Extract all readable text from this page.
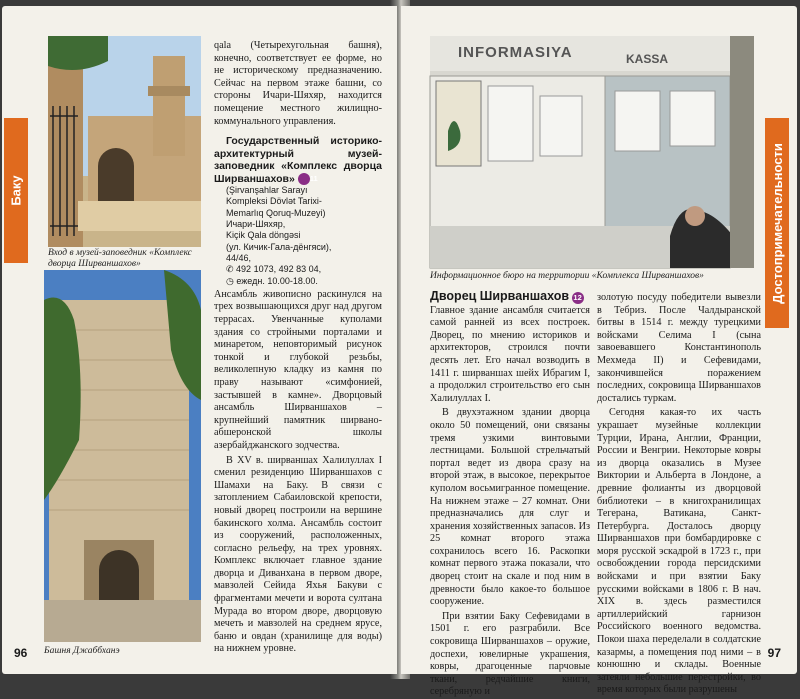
Баку
Вход в музей-заповедник «Комплекс дворца Ширваншахов»
Башня Джаббханэ
96

qala (Четырехугольная башня), конечно, соответствует ее форме, но не историческому предназначению. Сейчас на первом этаже башни, со стороны Ичари-Шяхяр, находится помещение местного жилищно-коммунального управления.

Государственный историко-архитектурный музей-заповедник «Комплекс дворца Ширваншахов» 11

(Şirvanşahlar Sarayı

Kompleksi Dövlət Tarixi-

Memarlıq Qoruq-Muzeyi)

Ичари-Шяхяр,

Kiçik Qala döngəsi

(ул. Кичик-Гала-дёнгяси),

44/46,

✆ 492 1073, 492 83 04,

◷ ежедн. 10.00-18.00.

Ансамбль живописно раскинулся на трех возвышающихся друг над другом террасах. Увенчанные куполами здания со стройными порталами и минаретом, неповторимый рисунок тонкой и глубокой резьбы, великолепную кладку из камня по праву называют «симфонией, застывшей в камне». Дворцовый ансамбль Ширваншахов – крупнейший памятник ширвано-абшеронской школы азербайджанского зодчества.

В XV в. ширваншах Халилуллах I сменил резиденцию Ширваншахов с Шамахи на Баку. В связи с затоплением Сабаиловской крепости, новый дворец построили на вершине бакинского холма. Ансамбль состоит из сооружений, расположенных, согласно рельефу, на трех уровнях. Комплекс включает главное здание дворца и Диванхана в первом дворе, мавзолей Сейида Яхья Бакуви с фрагментами мечети и ворота султана Мурада во втором дворе, дворцовую мечеть и мавзолей на среднем ярусе, баню и овдан (хранилище для воды) на нижнем уровне.

Достопримечательности
INFORMASIYA	KASSA
Информационное бюро на территории «Комплекса Ширваншахов»

Дворец Ширваншахов 12

Главное здание ансамбля считается самой ранней из всех построек. Дворец, по мнению историков и архитекторов, строился почти десять лет. Его начал возводить в 1411 г. ширваншах шейх Ибрагим I, а продолжил строительство его сын Халилуллах I.

В двухэтажном здании дворца около 50 помещений, они связаны тремя узкими винтовыми лестницами. Большой стрельчатый портал ведет из двора сразу на второй этаж, в высокое, перекрытое куполом восьмигранное помещение. На нижнем этаже – 27 комнат. Они предназначались для слуг и хранения хозяйственных запасов. Из 25 комнат второго этажа сохранилось всего 16. Раскопки комнат первого этажа показали, что дворец стоит на скале и под ним в древности было какое-то большое сооружение.

При взятии Баку Сефевидами в 1501 г. его разграбили. Все сокровища Ширваншахов – оружие, доспехи, ювелирные украшения, ковры, драгоценные парчовые ткани, редчайшие книги, серебряную и

золотую посуду победители вывезли в Тебриз. После Чалдыранской битвы в 1514 г. между турецкими войсками Селима I (сына завоевавшего Константинополь Мехмеда II) и Сефевидами, закончившейся поражением последних, сокровища Ширваншахов достались туркам.

Сегодня какая-то их часть украшает музейные коллекции Турции, Ирана, Англии, Франции, России и Венгрии. Некоторые ковры из дворца оказались в Музее Виктории и Альберта в Лондоне, а древние фолианты из дворцовой библиотеки – в книгохранилищах Тегерана, Ватикана, Санкт-Петербурга. Досталось дворцу Ширваншахов при бомбардировке с моря русской эскадрой в 1723 г., при освобождении города персидскими войсками и при взятии Баку русскими войсками в 1806 г. В нач. XIX в. здесь разместился артиллерийский гарнизон Российского военного ведомства. Покои шаха переделали в солдатские казармы, а помещения под ними – в конюшню и склады. Военные затеяли небольшие перестройки, во время которых были разрушены

97
